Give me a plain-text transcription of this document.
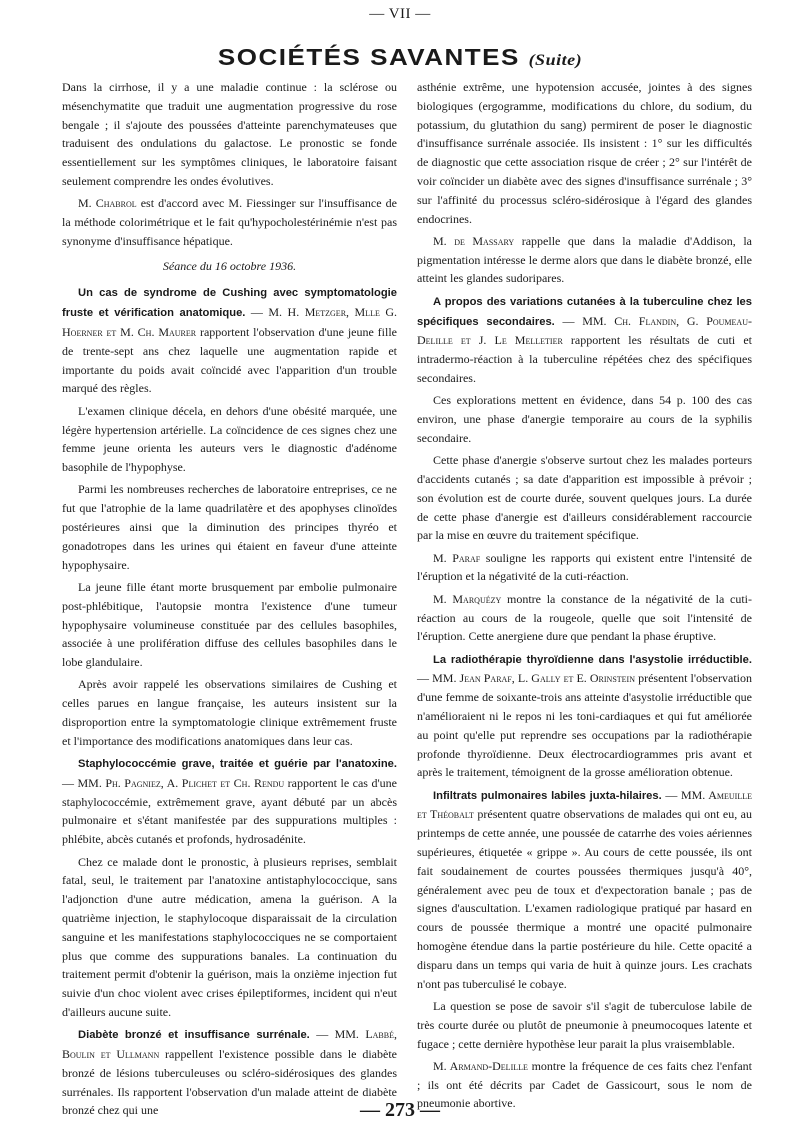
— VII —
SOCIÉTÉS SAVANTES (Suite)

Dans la cirrhose, il y a une maladie continue : la sclérose ou mésenchymatite que traduit une augmentation progressive du rose bengale ; il s'ajoute des poussées d'atteinte parenchymateuses que traduisent des ondulations du galactose. Le pronostic se fonde essentiellement sur les symptômes cliniques, le laboratoire faisant seulement comprendre les ondes évolutives.

M. Chabrol est d'accord avec M. Fiessinger sur l'insuffisance de la méthode colorimétrique et le fait qu'hypocholestérinémie n'est pas synonyme d'insuffisance hépatique.

Séance du 16 octobre 1936.

Un cas de syndrome de Cushing avec symptomatologie fruste et vérification anatomique. — M. H. Metzger, Mlle G. Hoerner et M. Ch. Maurer rapportent l'observation d'une jeune fille de trente-sept ans chez laquelle une augmentation rapide et importante du poids avait coïncidé avec l'apparition d'un trouble marqué des règles.

L'examen clinique décela, en dehors d'une obésité marquée, une légère hypertension artérielle. La coïncidence de ces signes chez une femme jeune orienta les auteurs vers le diagnostic d'adénome basophile de l'hypophyse.

Parmi les nombreuses recherches de laboratoire entreprises, ce ne fut que l'atrophie de la lame quadrilatère et des apophyses clinoïdes postérieures ainsi que la diminution des principes thyréo et gonadotropes dans les urines qui étaient en faveur d'une atteinte hypophysaire.

La jeune fille étant morte brusquement par embolie pulmonaire post-phlébitique, l'autopsie montra l'existence d'une tumeur hypophysaire volumineuse constituée par des cellules basophiles, associée à une prolifération diffuse des cellules basophiles dans le lobe glandulaire.

Après avoir rappelé les observations similaires de Cushing et celles parues en langue française, les auteurs insistent sur la disproportion entre la symptomatologie clinique extrêmement fruste et l'importance des modifications anatomiques dans leur cas.

Staphylococcémie grave, traitée et guérie par l'anatoxine. — MM. Ph. Pagniez, A. Plichet et Ch. Rendu rapportent le cas d'une staphylococcémie, extrêmement grave, ayant débuté par un abcès pulmonaire et s'étant manifestée par des suppurations multiples : phlébite, abcès cutanés et profonds, hydrosadénite.

Chez ce malade dont le pronostic, à plusieurs reprises, semblait fatal, seul, le traitement par l'anatoxine antistaphylococcique, sans l'adjonction d'une autre médication, amena la guérison. A la quatrième injection, le staphylocoque disparaissait de la circulation sanguine et les manifestations staphylococciques ne se comportaient plus que comme des suppurations banales. La continuation du traitement permit d'obtenir la guérison, mais la onzième injection fut suivie d'un choc violent avec crises épileptiformes, incident qui n'eut d'ailleurs aucune suite.

Diabète bronzé et insuffisance surrénale. — MM. Labbé, Boulin et Ullmann rappellent l'existence possible dans le diabète bronzé de lésions tuberculeuses ou scléro-sidérosiques des glandes surrénales. Ils rapportent l'observation d'un malade atteint de diabète bronzé chez qui une

asthénie extrême, une hypotension accusée, jointes à des signes biologiques (ergogramme, modifications du chlore, du sodium, du potassium, du glutathion du sang) permirent de poser le diagnostic d'insuffisance surrénale associée. Ils insistent : 1° sur les difficultés de diagnostic que cette association risque de créer ; 2° sur l'intérêt de voir coïncider un diabète avec des signes d'insuffisance surrénale ; 3° sur l'affinité du processus scléro-sidérosique à l'égard des glandes endocrines.

M. de Massary rappelle que dans la maladie d'Addison, la pigmentation intéresse le derme alors que dans le diabète bronzé, elle atteint les glandes sudoripares.

A propos des variations cutanées à la tuberculine chez les spécifiques secondaires. — MM. Ch. Flandin, G. Poumeau-Delille et J. Le Melletier rapportent les résultats de cuti et intradermo-réaction à la tuberculine répétées chez des spécifiques secondaires.

Ces explorations mettent en évidence, dans 54 p. 100 des cas environ, une phase d'anergie temporaire au cours de la syphilis secondaire.

Cette phase d'anergie s'observe surtout chez les malades porteurs d'accidents cutanés ; sa date d'apparition est impossible à prévoir ; son évolution est de courte durée, souvent quelques jours. La durée de cette phase d'anergie est d'ailleurs considérablement raccourcie par la mise en œuvre du traitement spécifique.

M. Paraf souligne les rapports qui existent entre l'intensité de l'éruption et la négativité de la cuti-réaction.

M. Marquézy montre la constance de la négativité de la cuti-réaction au cours de la rougeole, quelle que soit l'intensité de l'éruption. Cette anergiene dure que pendant la phase éruptive.

La radiothérapie thyroïdienne dans l'asystolie irréductible. — MM. Jean Paraf, L. Gally et E. Orinstein présentent l'observation d'une femme de soixante-trois ans atteinte d'asystolie irréductible que n'amélioraient ni le repos ni les toni-cardiaques et qui fut améliorée au point qu'elle put reprendre ses occupations par la radiothérapie profonde thyroïdienne. Deux électrocardiogrammes pris avant et après le traitement, témoignent de la grosse amélioration obtenue.

Infiltrats pulmonaires labiles juxta-hilaires. — MM. Ameuille et Théobalt présentent quatre observations de malades qui ont eu, au printemps de cette année, une poussée de catarrhe des voies aériennes supérieures, étiquetée « grippe ». Au cours de cette poussée, ils ont fait soudainement de courtes poussées thermiques jusqu'à 40°, généralement avec peu de toux et d'expectoration banale ; pas de signes d'auscultation. L'examen radiologique pratiqué par hasard en cours de poussée thermique a montré une opacité pulmonaire homogène étendue dans la partie postérieure du hile. Cette opacité a disparu dans un temps qui varia de huit à quinze jours. Les crachats n'ont pas tuberculisé le cobaye.

La question se pose de savoir s'il s'agit de tuberculose labile de très courte durée ou plutôt de pneumonie à pneumocoques latente et fugace ; cette dernière hypothèse leur parait la plus vraisemblable.

M. Armand-Delille montre la fréquence de ces faits chez l'enfant ; ils ont été décrits par Cadet de Gassicourt, sous le nom de pneumonie abortive.

— 273 —
